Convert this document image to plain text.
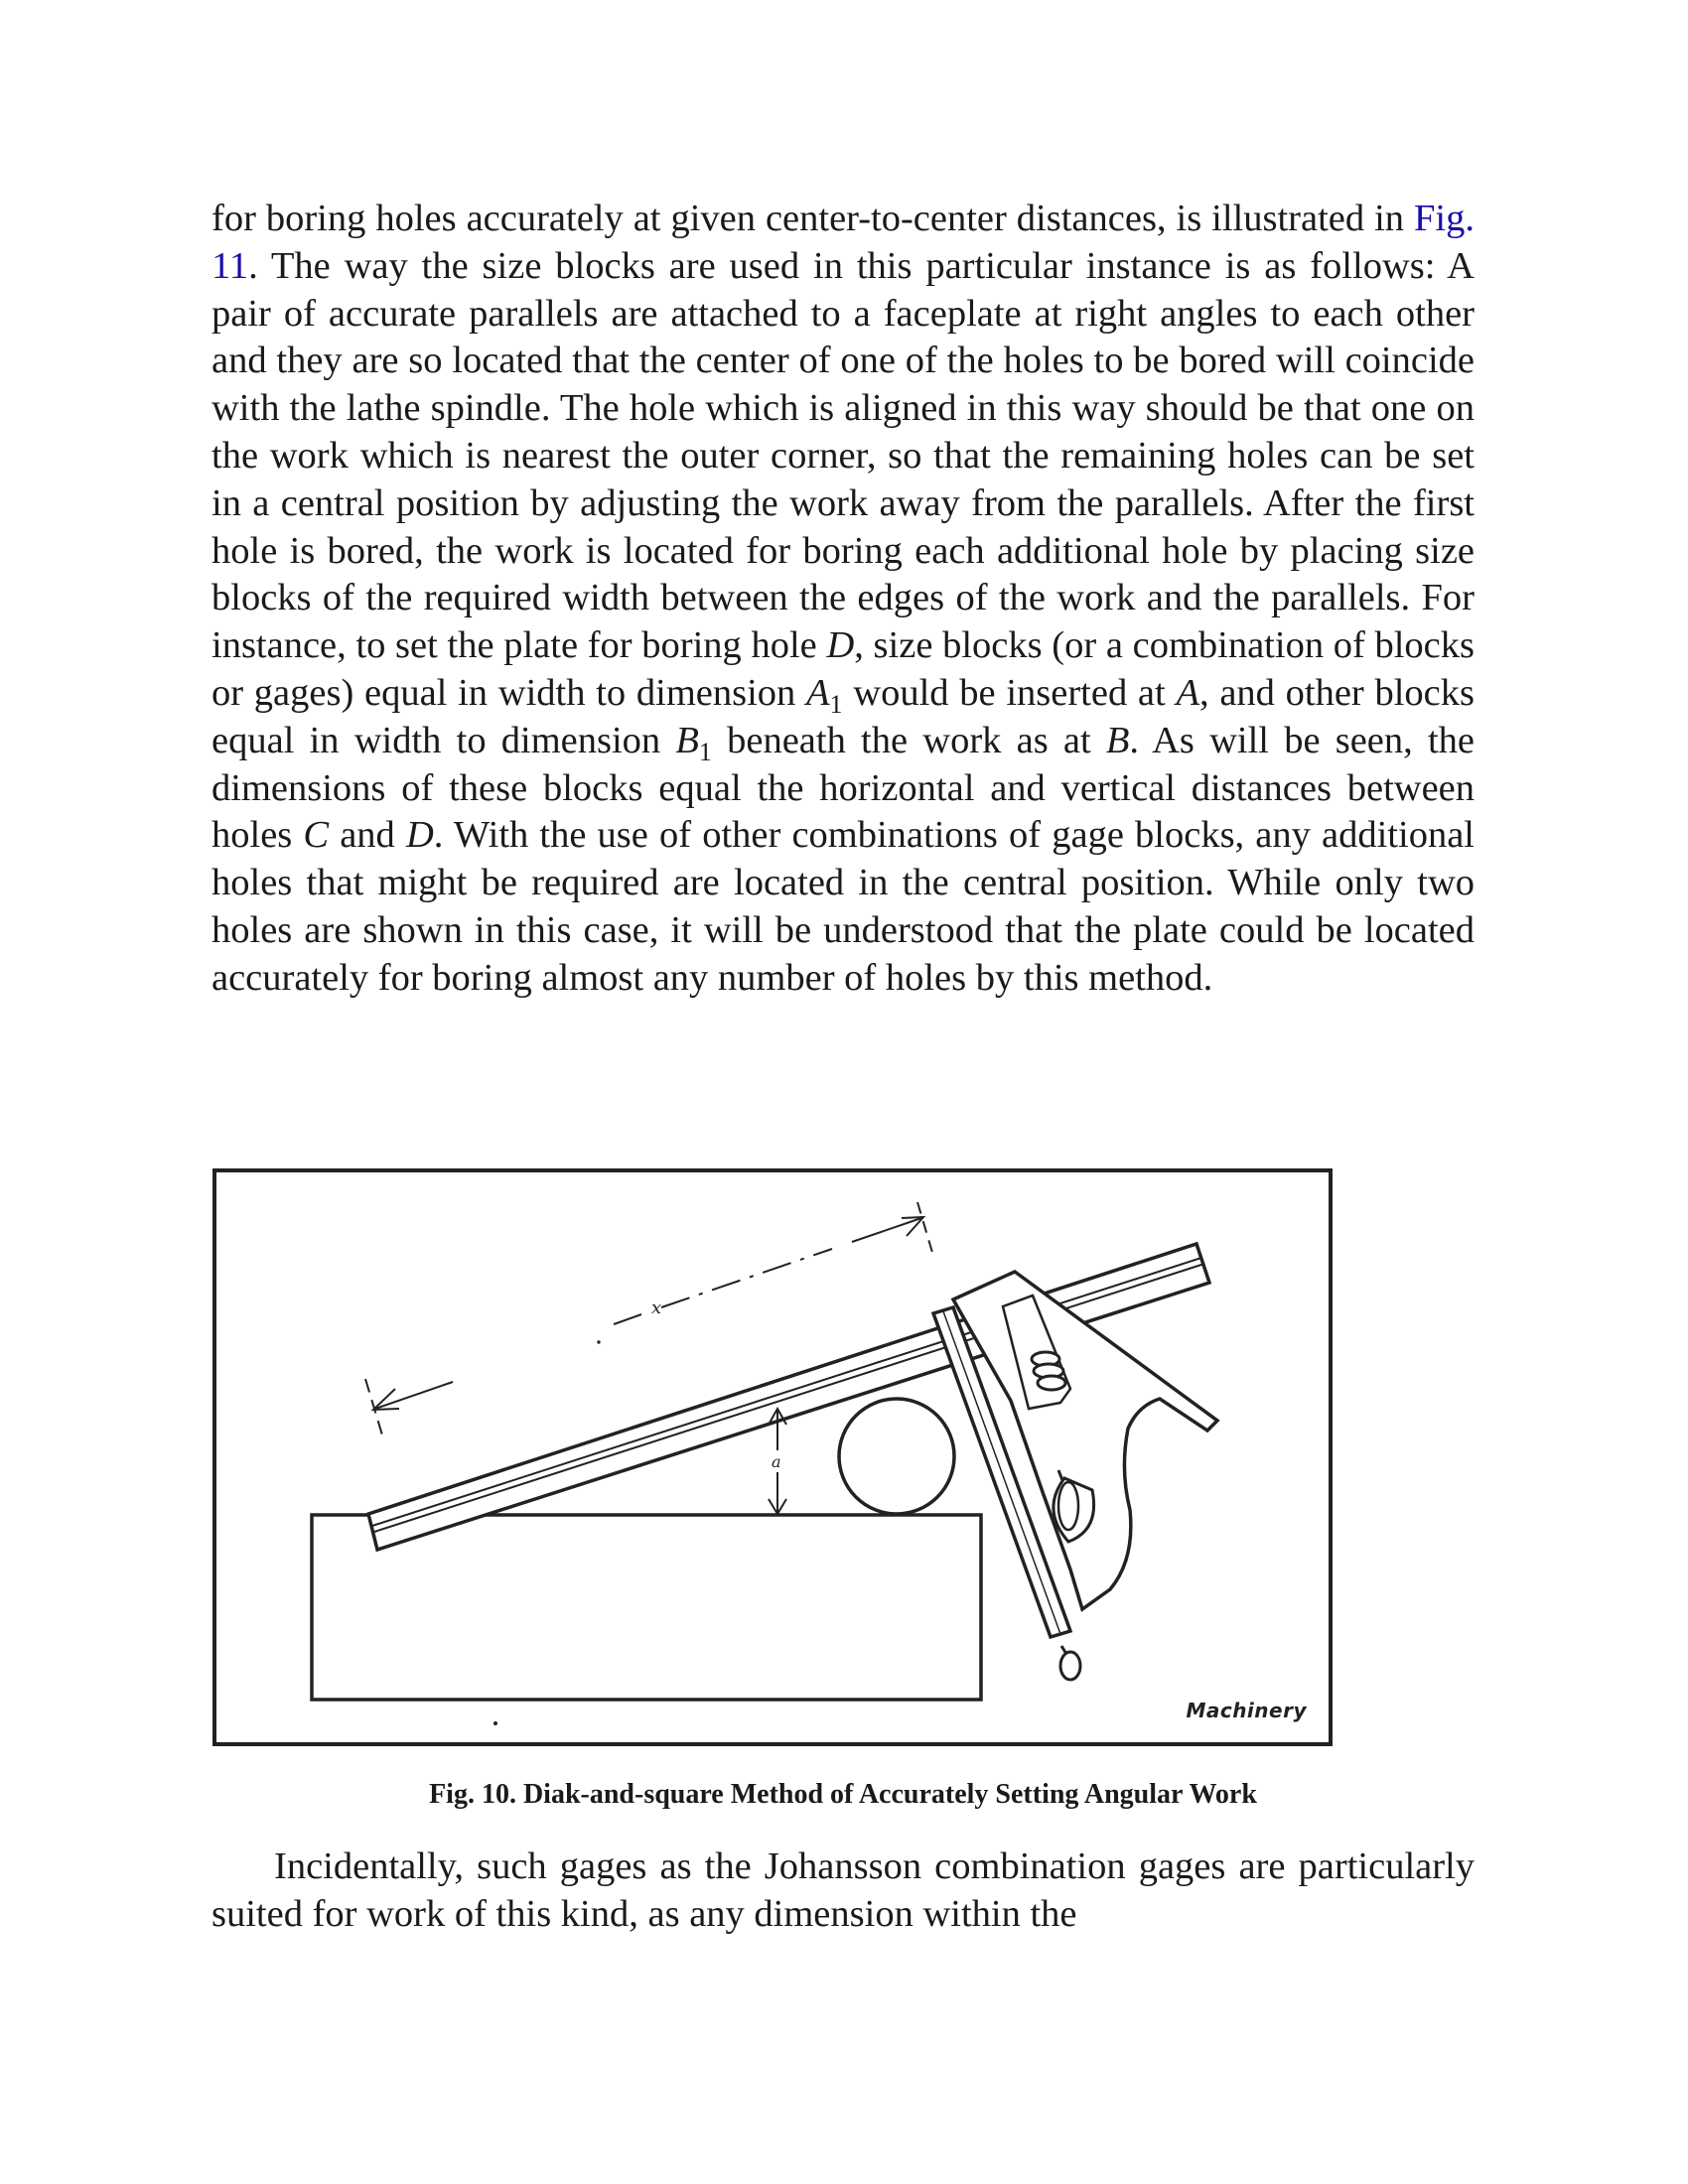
for boring holes accurately at given center-to-center distances, is illustrated in Fig. 11. The way the size blocks are used in this particular instance is as follows: A pair of accurate parallels are attached to a faceplate at right angles to each other and they are so located that the center of one of the holes to be bored will coincide with the lathe spindle. The hole which is aligned in this way should be that one on the work which is nearest the outer corner, so that the remaining holes can be set in a central position by adjusting the work away from the parallels. After the first hole is bored, the work is located for boring each additional hole by placing size blocks of the required width between the edges of the work and the parallels. For instance, to set the plate for boring hole D, size blocks (or a combination of blocks or gages) equal in width to dimension $A_1$ would be inserted at A, and other blocks equal in width to dimension $B_1$ beneath the work as at B. As will be seen, the dimensions of these blocks equal the horizontal and vertical distances between holes C and D. With the use of other combinations of gage blocks, any additional holes that might be required are located in the central position. While only two holes are shown in this case, it will be understood that the plate could be located accurately for boring almost any number of holes by this method.

x
a
Machinery
Fig. 10. Diak-and-square Method of Accurately Setting Angular Work

Incidentally, such gages as the Johansson combination gages are particularly suited for work of this kind, as any dimension within the
